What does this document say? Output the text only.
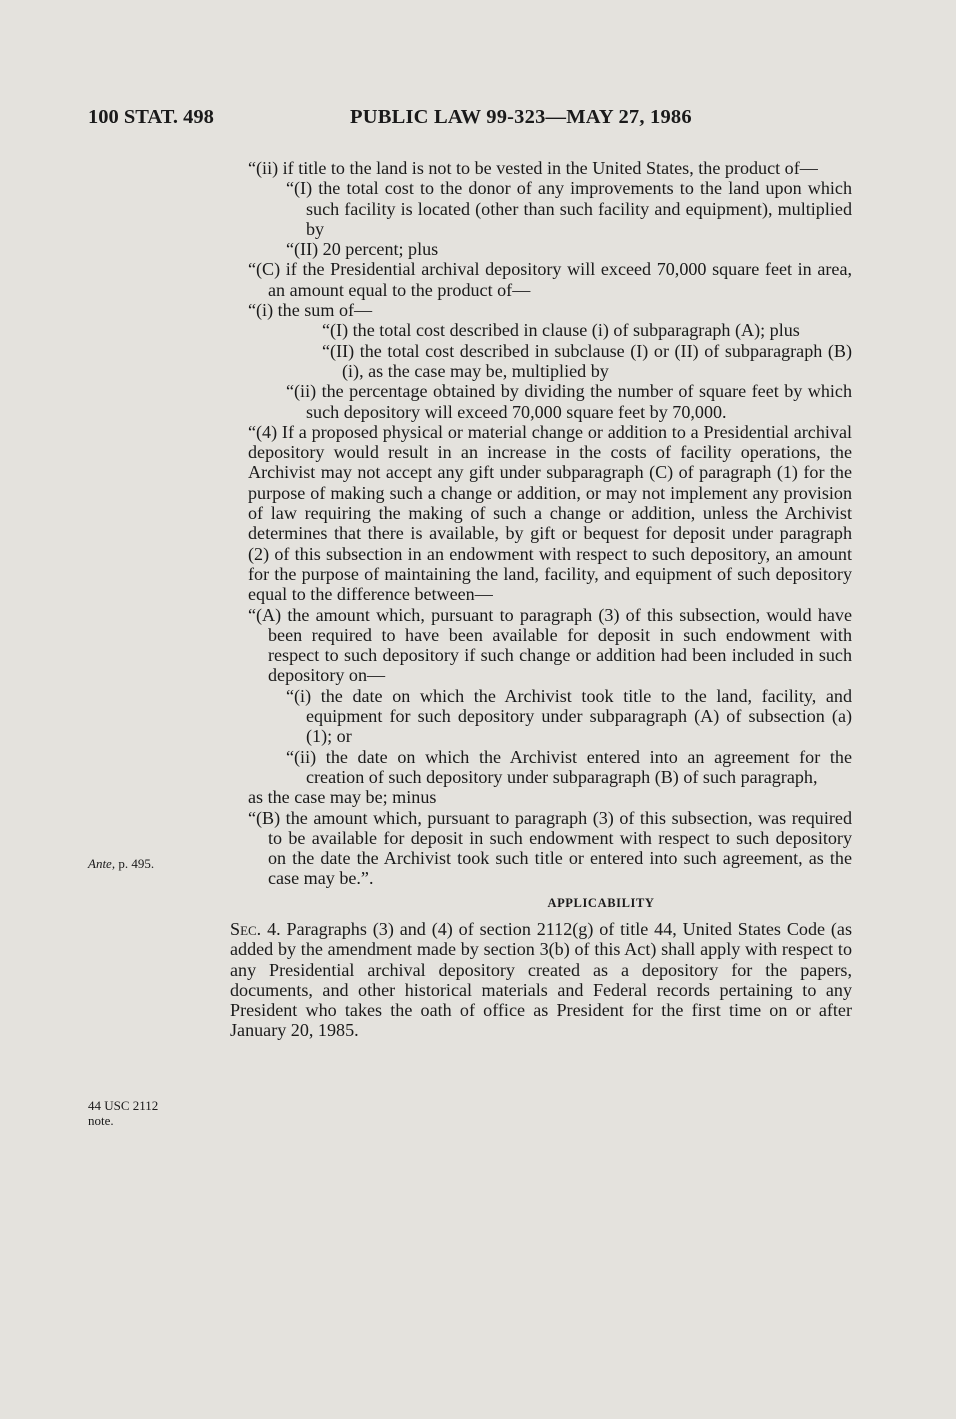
100 STAT. 498	PUBLIC LAW 99-323—MAY 27, 1986

“(ii) if title to the land is not to be vested in the United States, the product of—

“(I) the total cost to the donor of any improvements to the land upon which such facility is located (other than such facility and equipment), multiplied by

“(II) 20 percent; plus

“(C) if the Presidential archival depository will exceed 70,000 square feet in area, an amount equal to the product of—

“(i) the sum of—

“(I) the total cost described in clause (i) of subparagraph (A); plus

“(II) the total cost described in subclause (I) or (II) of subparagraph (B)(i), as the case may be, multiplied by

“(ii) the percentage obtained by dividing the number of square feet by which such depository will exceed 70,000 square feet by 70,000.

“(4) If a proposed physical or material change or addition to a Presidential archival depository would result in an increase in the costs of facility operations, the Archivist may not accept any gift under subparagraph (C) of paragraph (1) for the purpose of making such a change or addition, or may not implement any provision of law requiring the making of such a change or addition, unless the Archivist determines that there is available, by gift or bequest for deposit under paragraph (2) of this subsection in an endowment with respect to such depository, an amount for the purpose of maintaining the land, facility, and equipment of such depository equal to the difference between—

“(A) the amount which, pursuant to paragraph (3) of this subsection, would have been required to have been available for deposit in such endowment with respect to such depository if such change or addition had been included in such depository on—

“(i) the date on which the Archivist took title to the land, facility, and equipment for such depository under subparagraph (A) of subsection (a)(1); or

“(ii) the date on which the Archivist entered into an agreement for the creation of such depository under subparagraph (B) of such paragraph,

as the case may be; minus

“(B) the amount which, pursuant to paragraph (3) of this subsection, was required to be available for deposit in such endowment with respect to such depository on the date the Archivist took such title or entered into such agreement, as the case may be.”.

APPLICABILITY

Sec. 4. Paragraphs (3) and (4) of section 2112(g) of title 44, United States Code (as added by the amendment made by section 3(b) of this Act) shall apply with respect to any Presidential archival depository created as a depository for the papers, documents, and other historical materials and Federal records pertaining to any President who takes the oath of office as President for the first time on or after January 20, 1985.

Ante, p. 495.
44 USC 2112
note.
